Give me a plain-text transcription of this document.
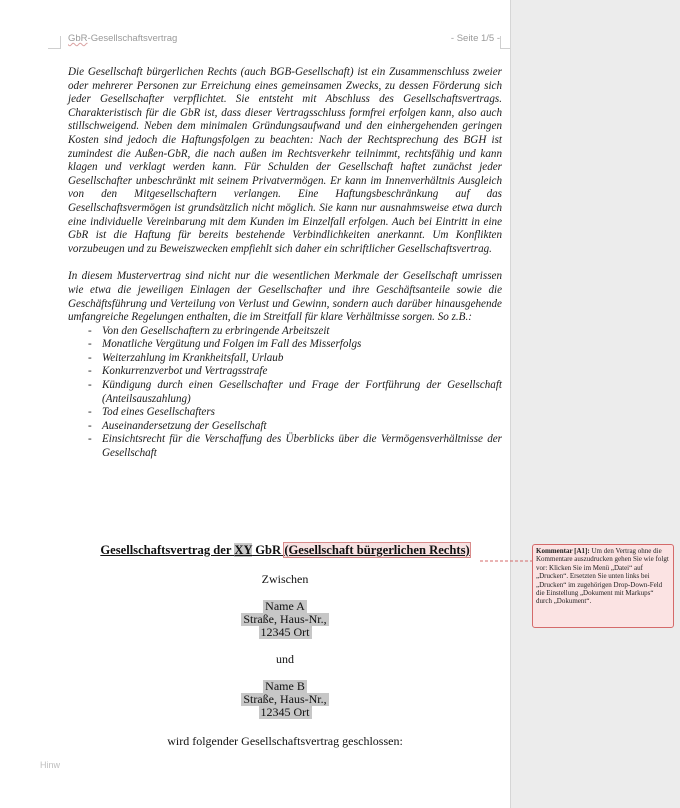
GbR-Gesellschaftsvertrag	- Seite 1/5 -

Die Gesellschaft bürgerlichen Rechts (auch BGB-Gesellschaft) ist ein Zusammenschluss zweier oder mehrerer Personen zur Erreichung eines gemeinsamen Zwecks, zu dessen Förderung sich jeder Gesellschafter verpflichtet. Sie entsteht mit Abschluss des Gesellschaftsvertrags. Charakteristisch für die GbR ist, dass dieser Vertragsschluss formfrei erfolgen kann, also auch stillschweigend. Neben dem minimalen Gründungsaufwand und den einhergehenden geringen Kosten sind jedoch die Haftungsfolgen zu beachten: Nach der Rechtsprechung des BGH ist zumindest die Außen-GbR, die nach außen im Rechtsverkehr teilnimmt, rechtsfähig und kann klagen und verklagt werden kann. Für Schulden der Gesellschaft haftet zunächst jeder Gesellschafter unbeschränkt mit seinem Privatvermögen. Er kann im Innenverhältnis Ausgleich von den Mitgesellschaftern verlangen. Eine Haftungsbeschränkung auf das Gesellschaftsvermögen ist grundsätzlich nicht möglich. Sie kann nur ausnahmsweise etwa durch eine individuelle Vereinbarung mit dem Kunden im Einzelfall erfolgen. Auch bei Eintritt in eine GbR ist die Haftung für bereits bestehende Verbindlichkeiten anerkannt. Um Konflikten vorzubeugen und zu Beweiszwecken empfiehlt sich daher ein schriftlicher Gesellschaftsvertrag.

In diesem Mustervertrag sind nicht nur die wesentlichen Merkmale der Gesellschaft umrissen wie etwa die jeweiligen Einlagen der Gesellschafter und ihre Geschäftsanteile sowie die Geschäftsführung und Verteilung von Verlust und Gewinn, sondern auch darüber hinausgehende umfangreiche Regelungen enthalten, die im Streitfall für klare Verhältnisse sorgen. So z.B.:
- Von den Gesellschaftern zu erbringende Arbeitszeit
- Monatliche Vergütung und Folgen im Fall des Misserfolgs
- Weiterzahlung im Krankheitsfall, Urlaub
- Konkurrenzverbot und Vertragsstrafe
- Kündigung durch einen Gesellschafter und Frage der Fortführung der Gesellschaft (Anteilsauszahlung)
- Tod eines Gesellschafters
- Auseinandersetzung der Gesellschaft
- Einsichtsrecht für die Verschaffung des Überblicks über die Vermögensverhältnisse der Gesellschaft
Gesellschaftsvertrag der XY GbR (Gesellschaft bürgerlichen Rechts)
Zwischen
Name A
Straße, Haus-Nr.,
12345 Ort
und
Name B
Straße, Haus-Nr.,
12345 Ort
wird folgender Gesellschaftsvertrag geschlossen:
Hinw
Kommentar [A1]: Um den Vertrag ohne die Kommentare auszudrucken gehen Sie wie folgt vor: Klicken Sie im Menü „Datei“ auf „Drucken“. Ersetzten Sie unten links bei „Drucken“ im zugehörigen Drop-Down-Feld die Einstellung „Dokument mit Markups“ durch „Dokument“.
